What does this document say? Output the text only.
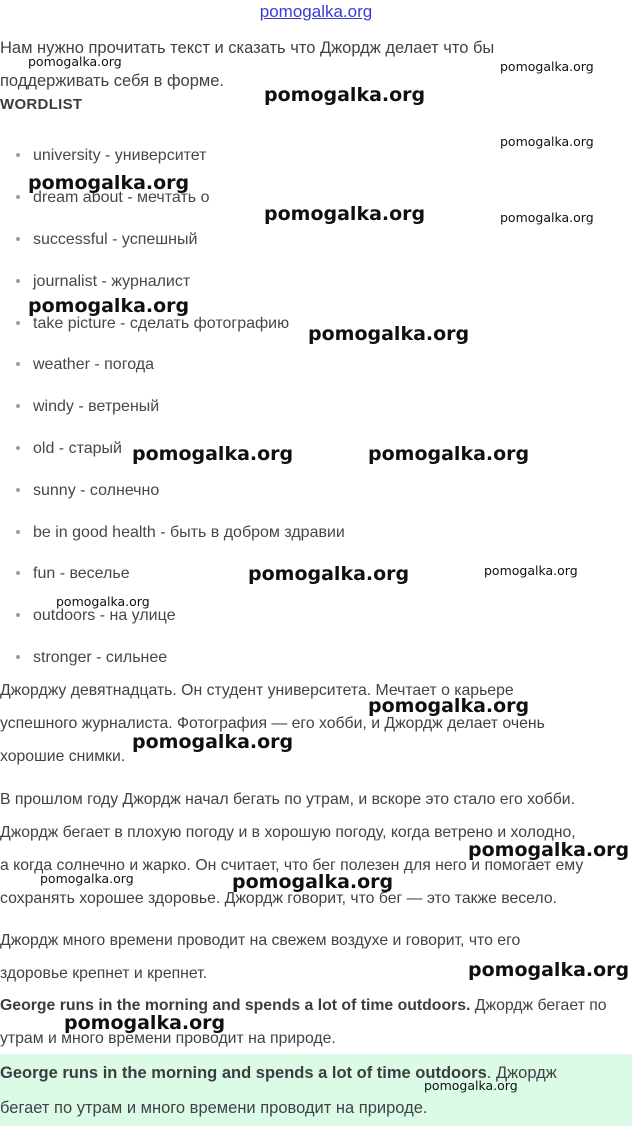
pomogalka.org
Нам нужно прочитать текст и сказать что Джордж делает что бы
поддерживать себя в форме.
WORDLIST
university - университет
dream about - мечтать о
successful - успешный
journalist - журналист
take picture - сделать фотографию
weather - погода
windy - ветреный
old - старый
sunny - солнечно
be in good health - быть в добром здравии
fun - веселье
outdoors - на улице
stronger - сильнее
Джорджу девятнадцать. Он студент университета. Мечтает о карьере
успешного журналиста. Фотография — его хобби, и Джордж делает очень
хорошие снимки.
В прошлом году Джордж начал бегать по утрам, и вскоре это стало его хобби.
Джордж бегает в плохую погоду и в хорошую погоду, когда ветрено и холодно,
а когда солнечно и жарко. Он считает, что бег полезен для него и помогает ему
сохранять хорошее здоровье. Джордж говорит, что бег — это также весело.
Джордж много времени проводит на свежем воздухе и говорит, что его
здоровье крепнет и крепнет.
George runs in the morning and spends a lot of time outdoors. Джордж бегает по
утрам и много времени проводит на природе.
George runs in the morning and spends a lot of time outdoors. Джордж
бегает по утрам и много времени проводит на природе.
pomogalka.org	pomogalka.org
pomogalka.org
pomogalka.org
pomogalka.org
pomogalka.org	pomogalka.org
pomogalka.org
pomogalka.org
pomogalka.org	pomogalka.org
pomogalka.org	pomogalka.org
pomogalka.org
pomogalka.org
pomogalka.org
pomogalka.org
pomogalka.org	pomogalka.org
pomogalka.org
pomogalka.org
pomogalka.org
